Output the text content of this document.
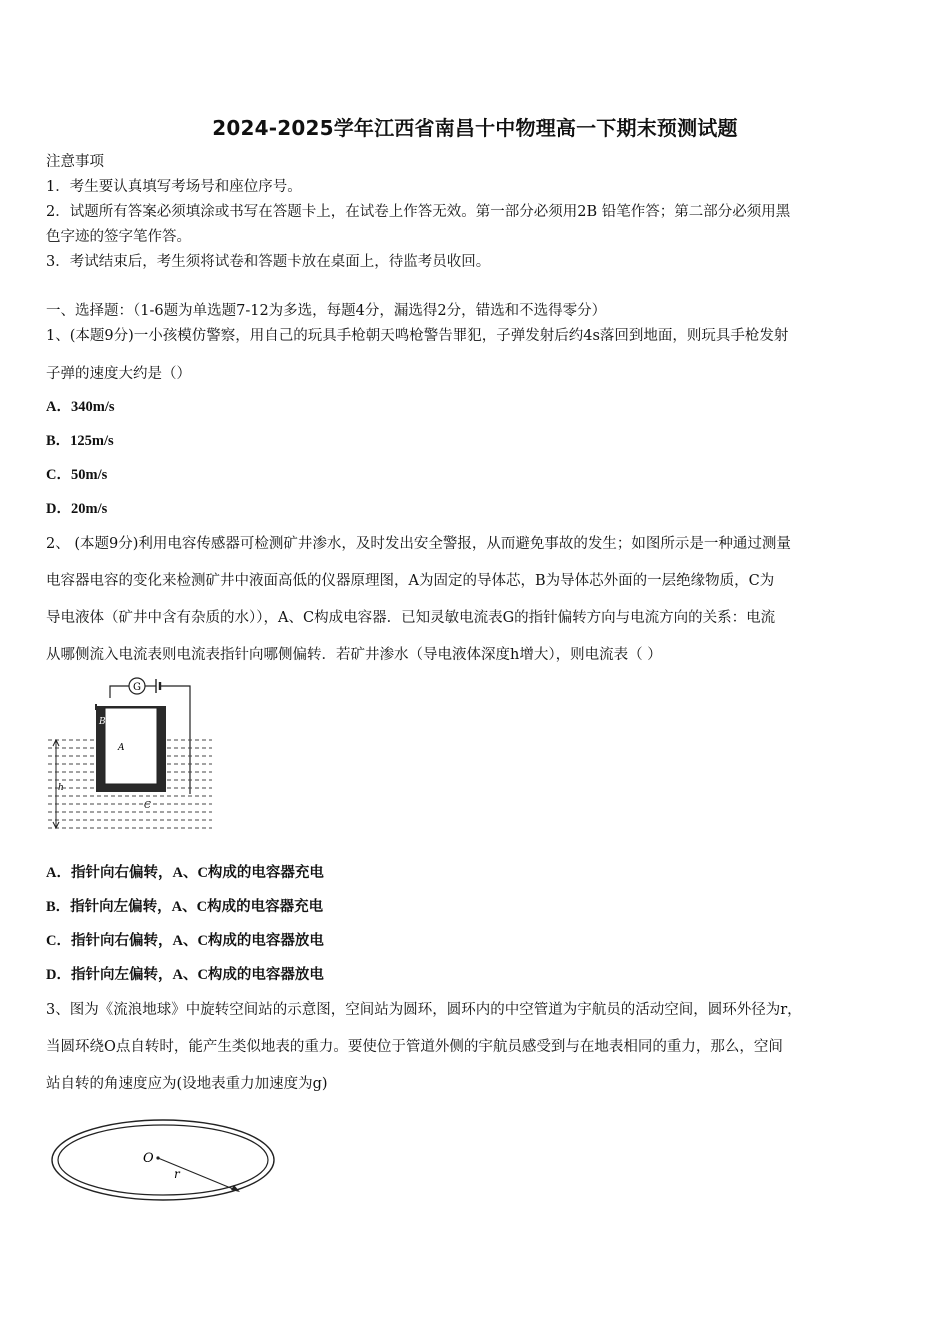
2024-2025学年江西省南昌十中物理高一下期末预测试题
注意事项
1．考生要认真填写考场号和座位序号。
2．试题所有答案必须填涂或书写在答题卡上，在试卷上作答无效。第一部分必须用2B 铅笔作答；第二部分必须用黑
色字迹的签字笔作答。
3．考试结束后，考生须将试卷和答题卡放在桌面上，待监考员收回。
一、选择题：（1-6题为单选题7-12为多选，每题4分，漏选得2分，错选和不选得零分）
1、(本题9分)一小孩模仿警察，用自己的玩具手枪朝天鸣枪警告罪犯，子弹发射后约4s落回到地面，则玩具手枪发射
子弹的速度大约是（）
A．340m/s
B．125m/s
C．50m/s
D．20m/s
2、 (本题9分)利用电容传感器可检测矿井渗水，及时发出安全警报，从而避免事故的发生；如图所示是一种通过测量
电容器电容的变化来检测矿井中液面高低的仪器原理图，A为固定的导体芯，B为导体芯外面的一层绝缘物质，C为
导电液体（矿井中含有杂质的水）），A、C构成电容器．已知灵敏电流表G的指针偏转方向与电流方向的关系：电流
从哪侧流入电流表则电流表指针向哪侧偏转．若矿井渗水（导电液体深度h增大），则电流表（ ）
G
B
A
C
h
A．指针向右偏转，A、C构成的电容器充电
B．指针向左偏转，A、C构成的电容器充电
C．指针向右偏转，A、C构成的电容器放电
D．指针向左偏转，A、C构成的电容器放电
3、图为《流浪地球》中旋转空间站的示意图，空间站为圆环，圆环内的中空管道为宇航员的活动空间，圆环外径为r，
当圆环绕O点自转时，能产生类似地表的重力。要使位于管道外侧的宇航员感受到与在地表相同的重力，那么，空间
站自转的角速度应为(设地表重力加速度为g)
O
r
